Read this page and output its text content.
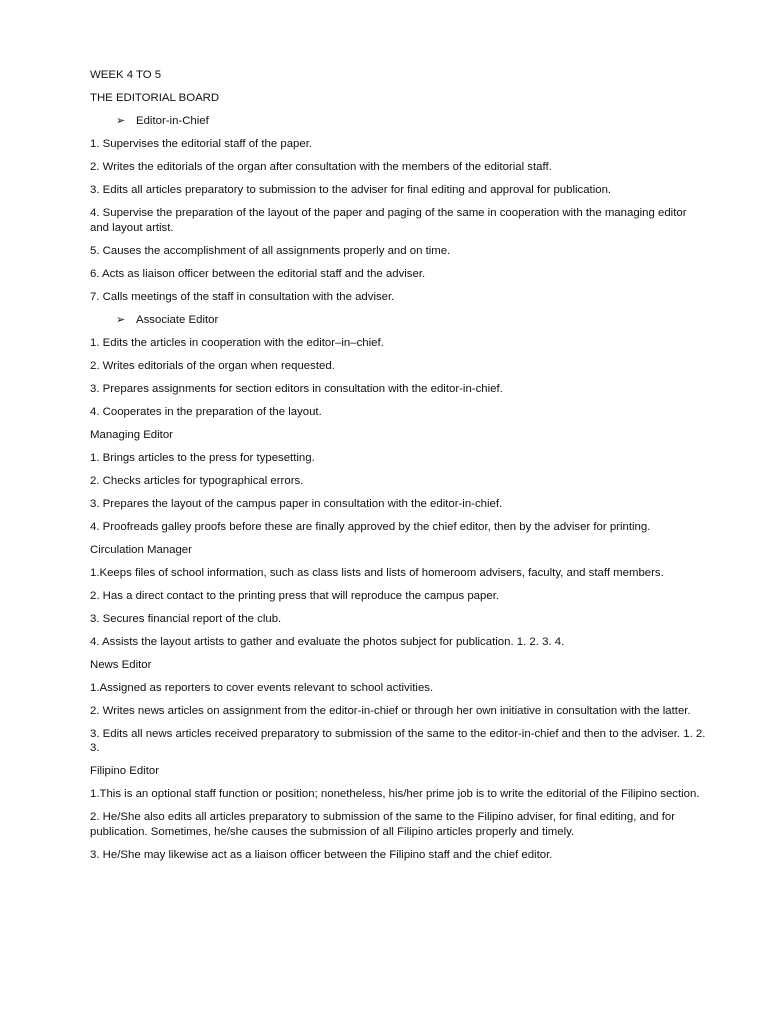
WEEK 4 TO 5
THE EDITORIAL BOARD
➢ Editor-in-Chief
1. Supervises the editorial staff of the paper.
2. Writes the editorials of the organ after consultation with the members of the editorial staff.
3. Edits all articles preparatory to submission to the adviser for final editing and approval for publication.
4. Supervise the preparation of the layout of the paper and paging of the same in cooperation with the managing editor and layout artist.
5. Causes the accomplishment of all assignments properly and on time.
6. Acts as liaison officer between the editorial staff and the adviser.
7. Calls meetings of the staff in consultation with the adviser.
➢ Associate Editor
1. Edits the articles in cooperation with the editor–in–chief.
2. Writes editorials of the organ when requested.
3. Prepares assignments for section editors in consultation with the editor-in-chief.
4. Cooperates in the preparation of the layout.
Managing Editor
1. Brings articles to the press for typesetting.
2. Checks articles for typographical errors.
3. Prepares the layout of the campus paper in consultation with the editor-in-chief.
4. Proofreads galley proofs before these are finally approved by the chief editor, then by the adviser for printing.
Circulation Manager
1.Keeps files of school information, such as class lists and lists of homeroom advisers, faculty, and staff members.
2. Has a direct contact to the printing press that will reproduce the campus paper.
3. Secures financial report of the club.
4. Assists the layout artists to gather and evaluate the photos subject for publication. 1. 2. 3. 4.
News Editor
1.Assigned as reporters to cover events relevant to school activities.
2. Writes news articles on assignment from the editor-in-chief or through her own initiative in consultation with the latter.
3. Edits all news articles received preparatory to submission of the same to the editor-in-chief and then to the adviser. 1. 2. 3.
Filipino Editor
1.This is an optional staff function or position; nonetheless, his/her prime job is to write the editorial of the Filipino section.
2. He/She also edits all articles preparatory to submission of the same to the Filipino adviser, for final editing, and for publication. Sometimes, he/she causes the submission of all Filipino articles properly and timely.
3. He/She may likewise act as a liaison officer between the Filipino staff and the chief editor.
